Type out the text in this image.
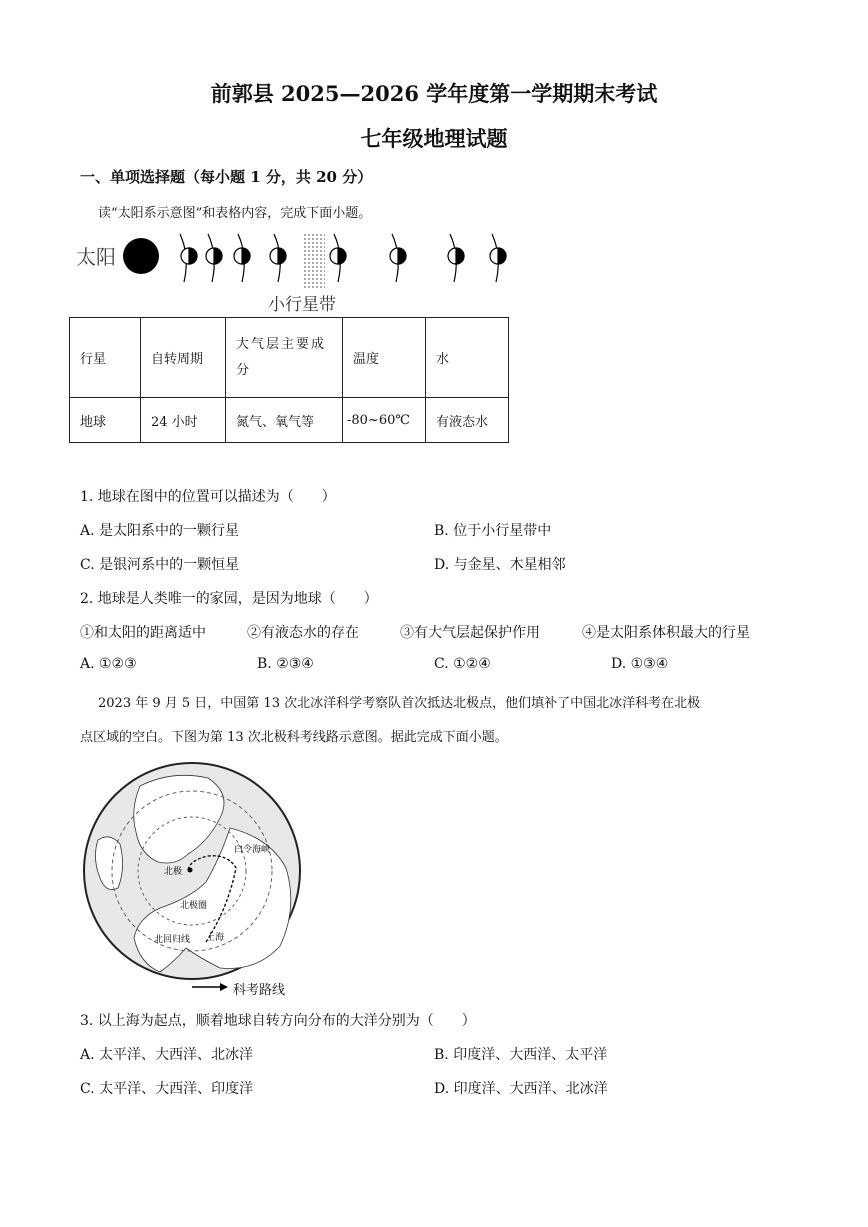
前郭县 2025—2026 学年度第一学期期末考试
七年级地理试题
一、单项选择题（每小题 1 分，共 20 分）
读“太阳系示意图”和表格内容，完成下面小题。
太阳
小行星带
行星	自转周期	大气层主要成分	温度	水
地球	24 小时	氮气、氧气等	-80~60℃	有液态水
1. 地球在图中的位置可以描述为（　　）
A. 是太阳系中的一颗行星	B. 位于小行星带中
C. 是银河系中的一颗恒星	D. 与金星、木星相邻
2. 地球是人类唯一的家园，是因为地球（　　）
①和太阳的距离适中	②有液态水的存在	③有大气层起保护作用	④是太阳系体积最大的行星
A. ①②③	B. ②③④	C. ①②④	D. ①③④
2023 年 9 月 5 日，中国第 13 次北冰洋科学考察队首次抵达北极点，他们填补了中国北冰洋科考在北极
点区域的空白。下图为第 13 次北极科考线路示意图。据此完成下面小题。
白令海峡
北极
北极圈
北回归线 上海
科考路线
3. 以上海为起点，顺着地球自转方向分布的大洋分别为（　　）
A. 太平洋、大西洋、北冰洋	B. 印度洋、大西洋、太平洋
C. 太平洋、大西洋、印度洋	D. 印度洋、大西洋、北冰洋
